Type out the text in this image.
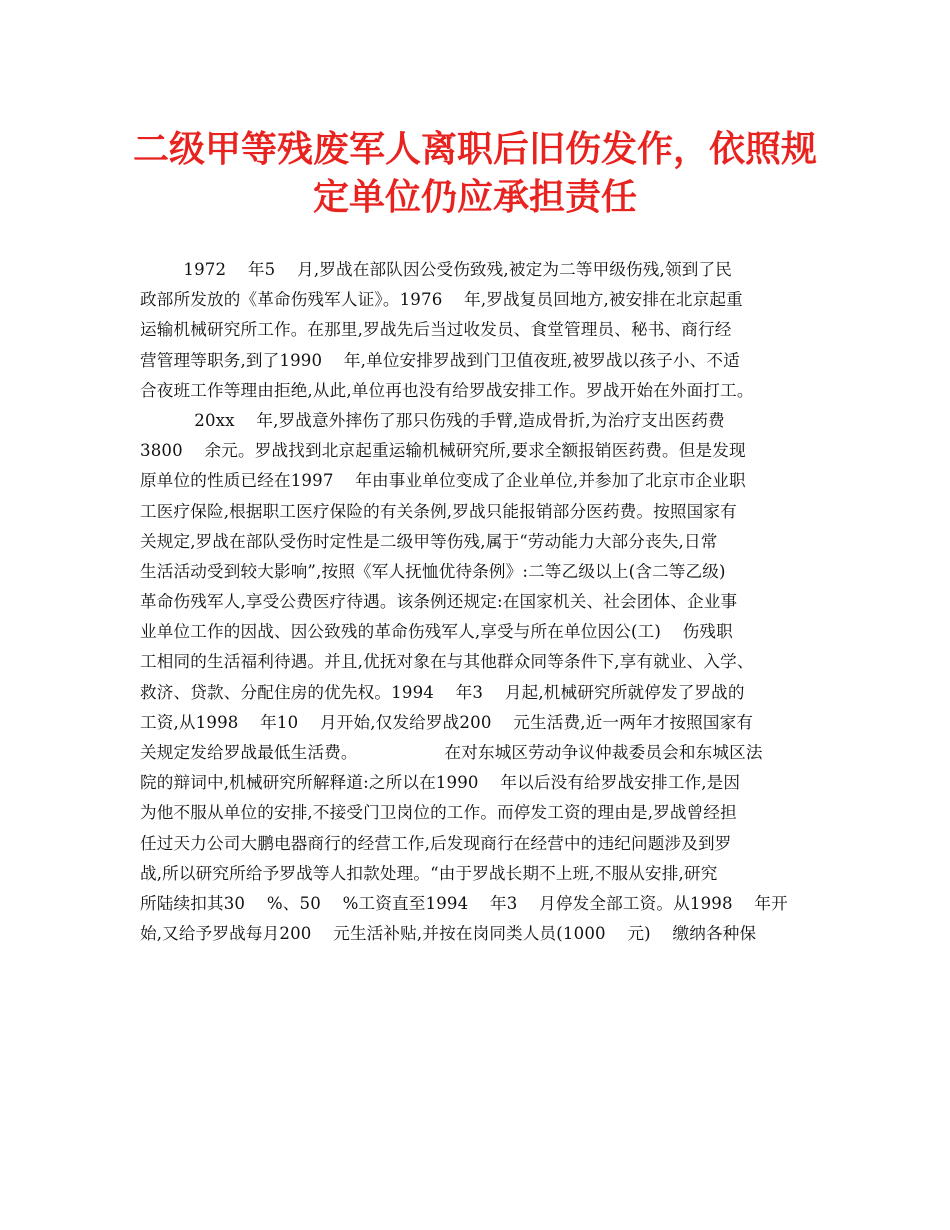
二级甲等残废军人离职后旧伤发作，依照规
定单位仍应承担责任
1972    年5    月,罗战在部队因公受伤致残,被定为二等甲级伤残,领到了民
政部所发放的《革命伤残军人证》。1976    年,罗战复员回地方,被安排在北京起重
运输机械研究所工作。在那里,罗战先后当过收发员、食堂管理员、秘书、商行经
营管理等职务,到了1990    年,单位安排罗战到门卫值夜班,被罗战以孩子小、不适
合夜班工作等理由拒绝,从此,单位再也没有给罗战安排工作。罗战开始在外面打工。
20xx    年,罗战意外摔伤了那只伤残的手臂,造成骨折,为治疗支出医药费
3800    余元。罗战找到北京起重运输机械研究所,要求全额报销医药费。但是发现
原单位的性质已经在1997    年由事业单位变成了企业单位,并参加了北京市企业职
工医疗保险,根据职工医疗保险的有关条例,罗战只能报销部分医药费。按照国家有
关规定,罗战在部队受伤时定性是二级甲等伤残,属于“劳动能力大部分丧失,日常
生活活动受到较大影响”,按照《军人抚恤优待条例》:二等乙级以上(含二等乙级)
革命伤残军人,享受公费医疗待遇。该条例还规定:在国家机关、社会团体、企业事
业单位工作的因战、因公致残的革命伤残军人,享受与所在单位因公(工)    伤残职
工相同的生活福利待遇。并且,优抚对象在与其他群众同等条件下,享有就业、入学、
救济、贷款、分配住房的优先权。1994    年3    月起,机械研究所就停发了罗战的
工资,从1998    年10    月开始,仅发给罗战200    元生活费,近一两年才按照国家有
关规定发给罗战最低生活费。                在对东城区劳动争议仲裁委员会和东城区法
院的辩词中,机械研究所解释道:之所以在1990    年以后没有给罗战安排工作,是因
为他不服从单位的安排,不接受门卫岗位的工作。而停发工资的理由是,罗战曾经担
任过天力公司大鹏电器商行的经营工作,后发现商行在经营中的违纪问题涉及到罗
战,所以研究所给予罗战等人扣款处理。“由于罗战长期不上班,不服从安排,研究
所陆续扣其30    %、50    %工资直至1994    年3    月停发全部工资。从1998    年开
始,又给予罗战每月200    元生活补贴,并按在岗同类人员(1000    元)    缴纳各种保
